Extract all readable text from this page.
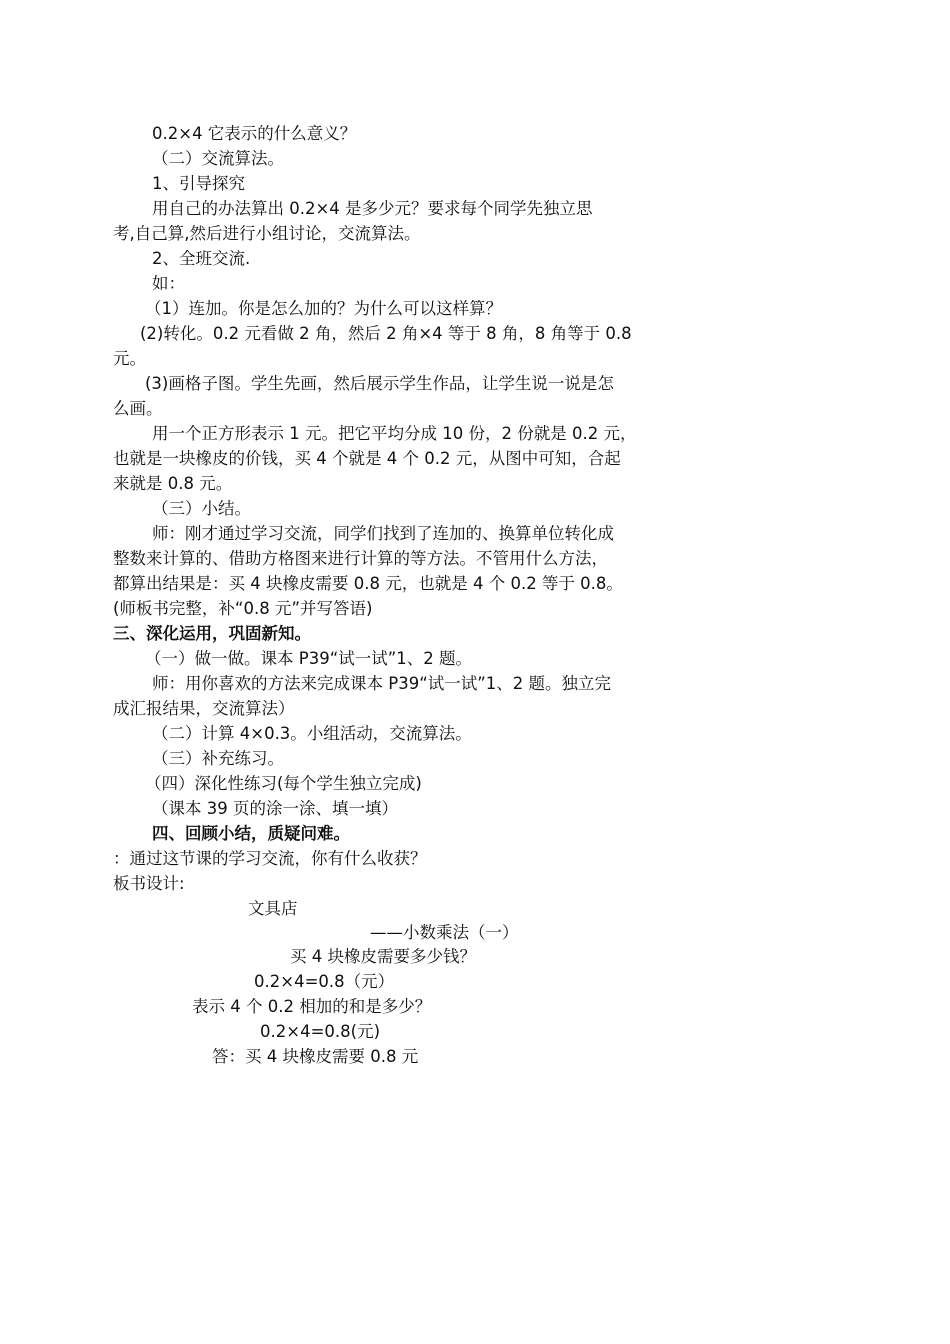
0.2×4 它表示的什么意义？
（二）交流算法。
1、引导探究
用自己的办法算出 0.2×4 是多少元？要求每个同学先独立思
考,自己算,然后进行小组讨论，交流算法。
2、全班交流.
如：
（1）连加。你是怎么加的？为什么可以这样算？
(2)转化。0.2 元看做 2 角，然后 2 角×4 等于 8 角，8 角等于 0.8
元。
(3)画格子图。学生先画，然后展示学生作品，让学生说一说是怎
么画。
用一个正方形表示 1 元。把它平均分成 10 份，2 份就是 0.2 元，
也就是一块橡皮的价钱，买 4 个就是 4 个 0.2 元，从图中可知，合起
来就是 0.8 元。
（三）小结。
师：刚才通过学习交流，同学们找到了连加的、换算单位转化成
整数来计算的、借助方格图来进行计算的等方法。不管用什么方法，
都算出结果是：买 4 块橡皮需要 0.8 元，也就是 4 个 0.2 等于 0.8。
(师板书完整，补“0.8 元”并写答语)
三、深化运用，巩固新知。
（一）做一做。课本 P39“试一试”1、2 题。
师：用你喜欢的方法来完成课本 P39“试一试”1、2 题。独立完
成汇报结果，交流算法）
（二）计算 4×0.3。小组活动，交流算法。
（三）补充练习。
（四）深化性练习(每个学生独立完成)
（课本 39 页的涂一涂、填一填）
四、回顾小结，质疑问难。
：通过这节课的学习交流，你有什么收获？
板书设计:
文具店
——小数乘法（一）
买 4 块橡皮需要多少钱？
0.2×4=0.8（元）
表示 4 个 0.2 相加的和是多少？
0.2×4=0.8(元)
答：买 4 块橡皮需要 0.8 元
